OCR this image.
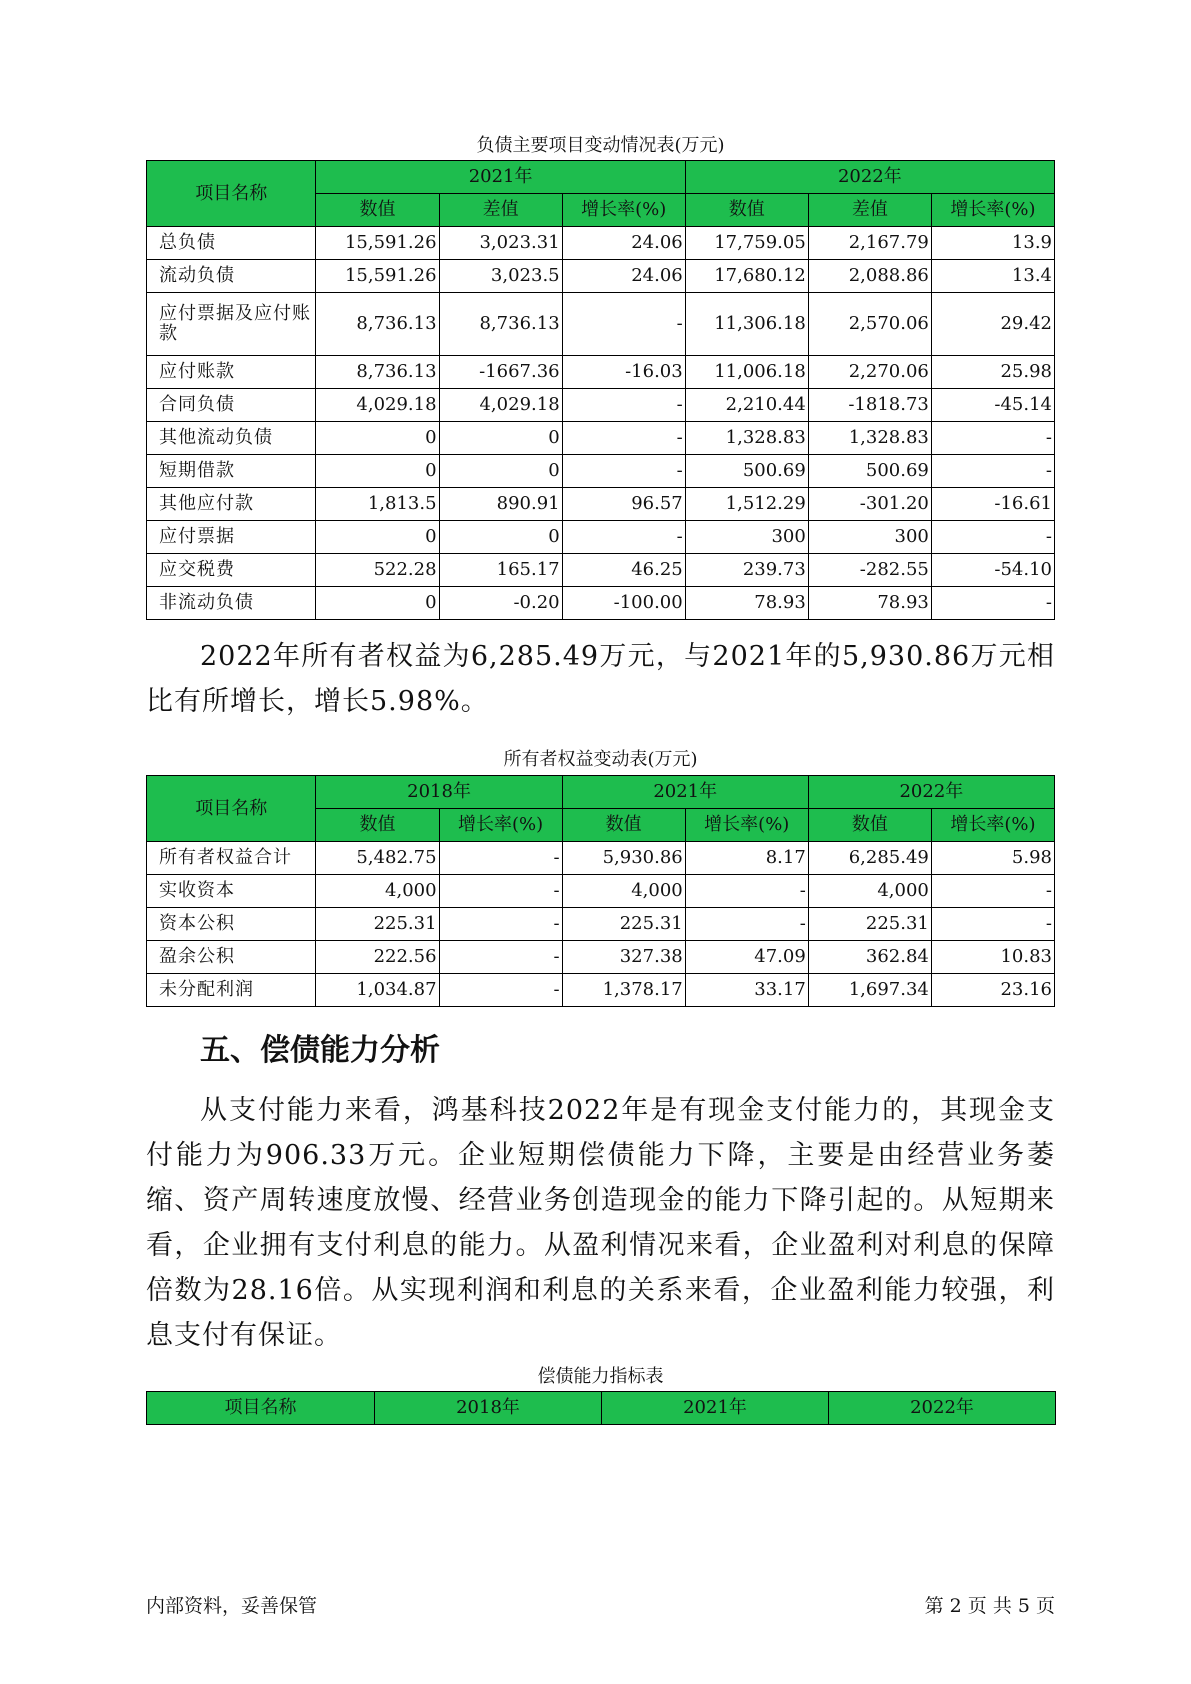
负债主要项目变动情况表(万元)
项目名称	2021年			2022年		
	数值	差值	增长率(%)	数值	差值	增长率(%)
总负债	15,591.26	3,023.31	24.06	17,759.05	2,167.79	13.9
流动负债	15,591.26	3,023.5	24.06	17,680.12	2,088.86	13.4
应付票据及应付账款	8,736.13	8,736.13	-	11,306.18	2,570.06	29.42
应付账款	8,736.13	-1667.36	-16.03	11,006.18	2,270.06	25.98
合同负债	4,029.18	4,029.18	-	2,210.44	-1818.73	-45.14
其他流动负债	0	0	-	1,328.83	1,328.83	-
短期借款	0	0	-	500.69	500.69	-
其他应付款	1,813.5	890.91	96.57	1,512.29	-301.20	-16.61
应付票据	0	0	-	300	300	-
应交税费	522.28	165.17	46.25	239.73	-282.55	-54.10
非流动负债	0	-0.20	-100.00	78.93	78.93	-
2022年所有者权益为6,285.49万元，与2021年的5,930.86万元相比有所增长，增长5.98%。
所有者权益变动表(万元)
项目名称	2018年		2021年		2022年	
	数值	增长率(%)	数值	增长率(%)	数值	增长率(%)
所有者权益合计	5,482.75	-	5,930.86	8.17	6,285.49	5.98
实收资本	4,000	-	4,000	-	4,000	-
资本公积	225.31	-	225.31	-	225.31	-
盈余公积	222.56	-	327.38	47.09	362.84	10.83
未分配利润	1,034.87	-	1,378.17	33.17	1,697.34	23.16
五、偿债能力分析
从支付能力来看，鸿基科技2022年是有现金支付能力的，其现金支付能力为906.33万元。企业短期偿债能力下降，主要是由经营业务萎缩、资产周转速度放慢、经营业务创造现金的能力下降引起的。从短期来看，企业拥有支付利息的能力。从盈利情况来看，企业盈利对利息的保障倍数为28.16倍。从实现利润和利息的关系来看，企业盈利能力较强，利息支付有保证。
偿债能力指标表
项目名称	2018年	2021年	2022年
内部资料，妥善保管	第 2 页 共 5 页
